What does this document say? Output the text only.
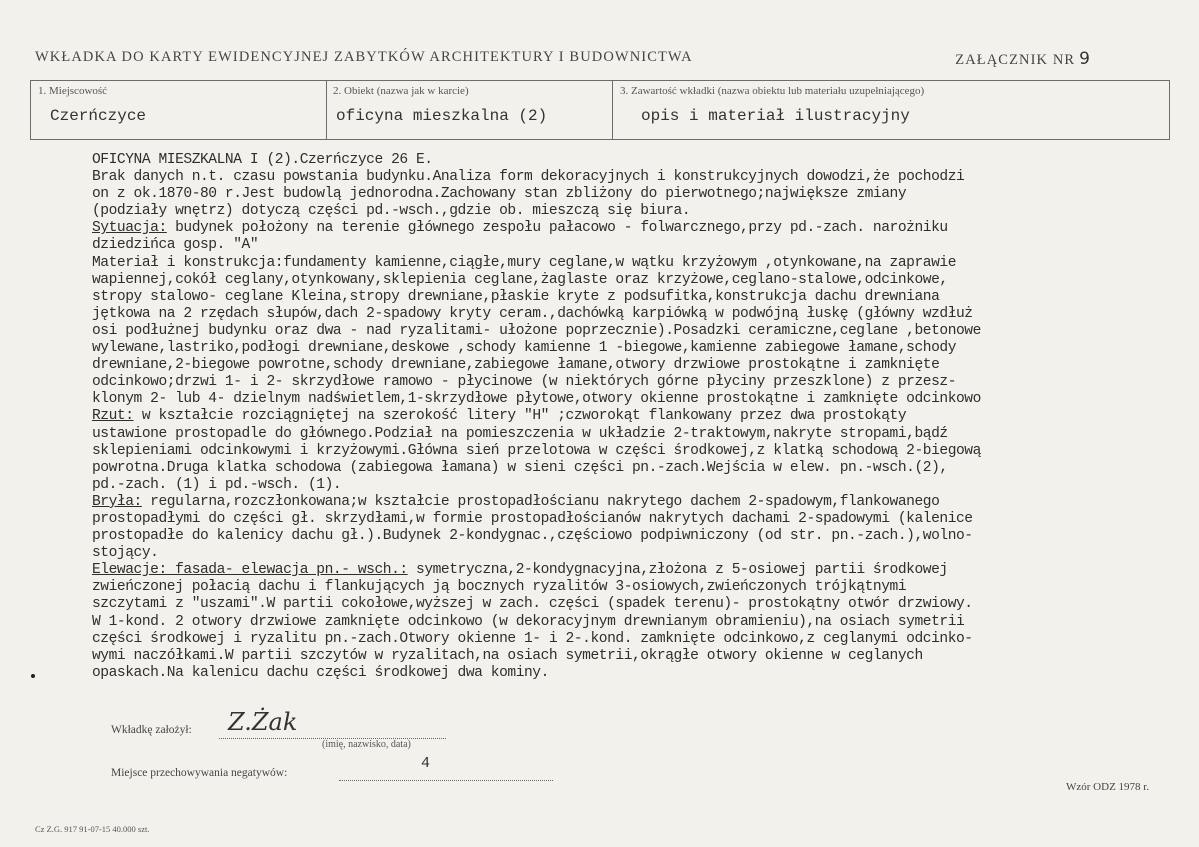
WKŁADKA DO KARTY EWIDENCYJNEJ ZABYTKÓW ARCHITEKTURY I BUDOWNICTWA	ZAŁĄCZNIK NR 9
1. Miejscowość
Czerńczyce
2. Obiekt (nazwa jak w karcie)
oficyna mieszkalna (2)
3. Zawartość wkładki (nazwa obiektu lub materiału uzupełniającego)
opis i materiał ilustracyjny
OFICYNA MIESZKALNA I (2).Czerńczyce 26 E.
Brak danych n.t. czasu powstania budynku.Analiza form dekoracyjnych i konstrukcyjnych dowodzi,że pochodzi
on z ok.1870-80 r.Jest budowlą jednorodna.Zachowany stan zbliżony do pierwotnego;największe zmiany
(podziały wnętrz) dotyczą części pd.-wsch.,gdzie ob. mieszczą się biura.
Sytuacja: budynek położony na terenie głównego zespołu pałacowo - folwarcznego,przy pd.-zach. narożniku
dziedzińca gosp. "A"
Materiał i konstrukcja:fundamenty kamienne,ciągłe,mury ceglane,w wątku krzyżowym ,otynkowane,na zaprawie
wapiennej,cokół ceglany,otynkowany,sklepienia ceglane,żaglaste oraz krzyżowe,ceglano-stalowe,odcinkowe,
stropy stalowo- ceglane Kleina,stropy drewniane,płaskie kryte z podsufitka,konstrukcja dachu drewniana
jętkowa na 2 rzędach słupów,dach 2-spadowy kryty ceram.,dachówką karpiówką w podwójną łuskę (główny wzdłuż
osi podłużnej budynku oraz dwa - nad ryzalitami- ułożone poprzecznie).Posadzki ceramiczne,ceglane ,betonowe
wylewane,lastriko,podłogi drewniane,deskowe ,schody kamienne 1 -biegowe,kamienne zabiegowe łamane,schody
drewniane,2-biegowe powrotne,schody drewniane,zabiegowe łamane,otwory drzwiowe prostokątne i zamknięte
odcinkowo;drzwi 1- i 2- skrzydłowe ramowo - płycinowe (w niektórych górne płyciny przeszklone) z przesz-
klonym 2- lub 4- dzielnym nadświetlem,1-skrzydłowe płytowe,otwory okienne prostokątne i zamknięte odcinkowo
Rzut: w kształcie rozciągniętej na szerokość litery "H" ;czworokąt flankowany przez dwa prostokąty
ustawione prostopadle do głównego.Podział na pomieszczenia w układzie 2-traktowym,nakryte stropami,bądź
sklepieniami odcinkowymi i krzyżowymi.Główna sień przelotowa w części środkowej,z klatką schodową 2-biegową
powrotna.Druga klatka schodowa (zabiegowa łamana) w sieni części pn.-zach.Wejścia w elew. pn.-wsch.(2),
pd.-zach. (1) i pd.-wsch. (1).
Bryła: regularna,rozczłonkowana;w kształcie prostopadłościanu nakrytego dachem 2-spadowym,flankowanego
prostopadłymi do części gł. skrzydłami,w formie prostopadłościanów nakrytych dachami 2-spadowymi (kalenice
prostopadłe do kalenicy dachu gł.).Budynek 2-kondygnac.,częściowo podpiwniczony (od str. pn.-zach.),wolno-
stojący.
Elewacje: fasada- elewacja pn.- wsch.: symetryczna,2-kondygnacyjna,złożona z 5-osiowej partii środkowej
zwieńczonej połacią dachu i flankujących ją bocznych ryzalitów 3-osiowych,zwieńczonych trójkątnymi
szczytami z "uszami".W partii cokołowe,wyższej w zach. części (spadek terenu)- prostokątny otwór drzwiowy.
W 1-kond. 2 otwory drzwiowe zamknięte odcinkowo (w dekoracyjnym drewnianym obramieniu),na osiach symetrii
części środkowej i ryzalitu pn.-zach.Otwory okienne 1- i 2-.kond. zamknięte odcinkowo,z ceglanymi odcinko-
wymi naczółkami.W partii szczytów w ryzalitach,na osiach symetrii,okrągłe otwory okienne w ceglanych
opaskach.Na kalenicu dachu części środkowej dwa kominy.
Wkładkę założył: Z.Żak
(imię, nazwisko, data)
Miejsce przechowywania negatywów:
4
Wzór ODZ 1978 r.
Cz Z.G. 917 91-07-15 40.000 szt.
